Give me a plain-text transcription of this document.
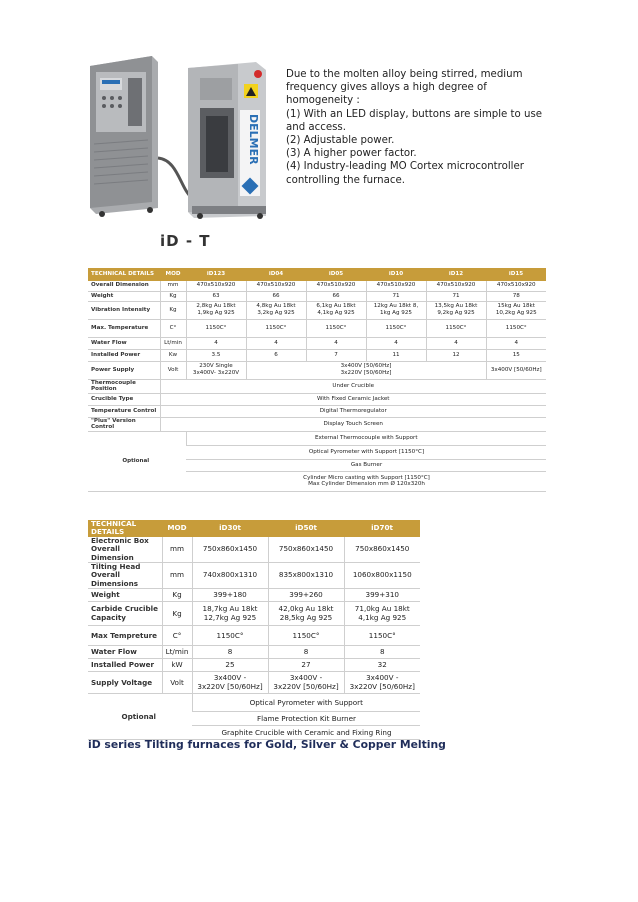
DELMER

Due to the molten alloy being stirred, medium frequency gives alloys a high degree of homogeneity :

(1) With an LED display, buttons are simple to use and access.

(2) Adjustable power.

(3) A higher power factor.

(4) Industry-leading MO Cortex microcontroller controlling the furnace.

iD - T
TECHNICAL DETAILS	MOD	iD123	iD04	iD05	iD10	iD12	iD15
Overall Dimension	mm	470x510x920	470x510x920	470x510x920	470x510x920	470x510x920	470x510x920
Weight	Kg	63	66	66	71	71	78
Vibration Intensity	Kg	2,8kg Au 18kt
1,9kg Ag 925	4,8kg Au 18kt
3,2kg Ag 925	6,1kg Au 18kt
4,1kg Ag 925	12kg Au 18kt 8,
1kg Ag 925	13,5kg Au 18kt
9,2kg Ag 925	15kg Au 18kt
10,2kg Ag 925
Max. Temperature	C°	1150C°	1150C°	1150C°	1150C°	1150C°	1150C°
Water Flow	Lt/min	4	4	4	4	4	4
Installed Power	Kw	3.5	6	7	11	12	15
Power Supply	Volt	230V Single
3x400V- 3x220V	3x400V [50/60Hz]
3x220V [50/60Hz]				3x400V [50/60Hz]
Thermocouple Position	Under Crucible						
Crucible Type	With Fixed Ceramic Jacket						
Temperature Control	Digital Thermoregulator						
"Plus" Version Control	Display Touch Screen						
Optional		External Thermocouple with Support					
		Optical Pyrometer with Support [1150°C]					
		Gas Burner					
		Cylinder Micro casting with Support [1150°C]
Max Cylinder Dimension mm Ø 120x320h					
TECHNICAL DETAILS	MOD	iD30t	iD50t	iD70t
Electronic Box Overall Dimension	mm	750x860x1450	750x860x1450	750x860x1450
Tilting Head Overall Dimensions	mm	740x800x1310	835x800x1310	1060x800x1150
Weight	Kg	399+180	399+260	399+310
Carbide Crucible Capacity	Kg	18,7kg Au 18kt
12,7kg Ag 925	42,0kg Au 18kt
28,5kg Ag 925	71,0kg Au 18kt
4,1kg Ag 925
Max Tempreture	C°	1150C°	1150C°	1150C°
Water Flow	Lt/min	8	8	8
Installed Power	kW	25	27	32
Supply Voltage	Volt	3x400V -
3x220V [50/60Hz]	3x400V -
3x220V [50/60Hz]	3x400V -
3x220V [50/60Hz]
Optional		Optical Pyrometer with Support		
		Flame Protection Kit Burner		
		Graphite Crucible with Ceramic and Fixing Ring		
iD series Tilting furnaces for Gold, Silver & Copper Melting
